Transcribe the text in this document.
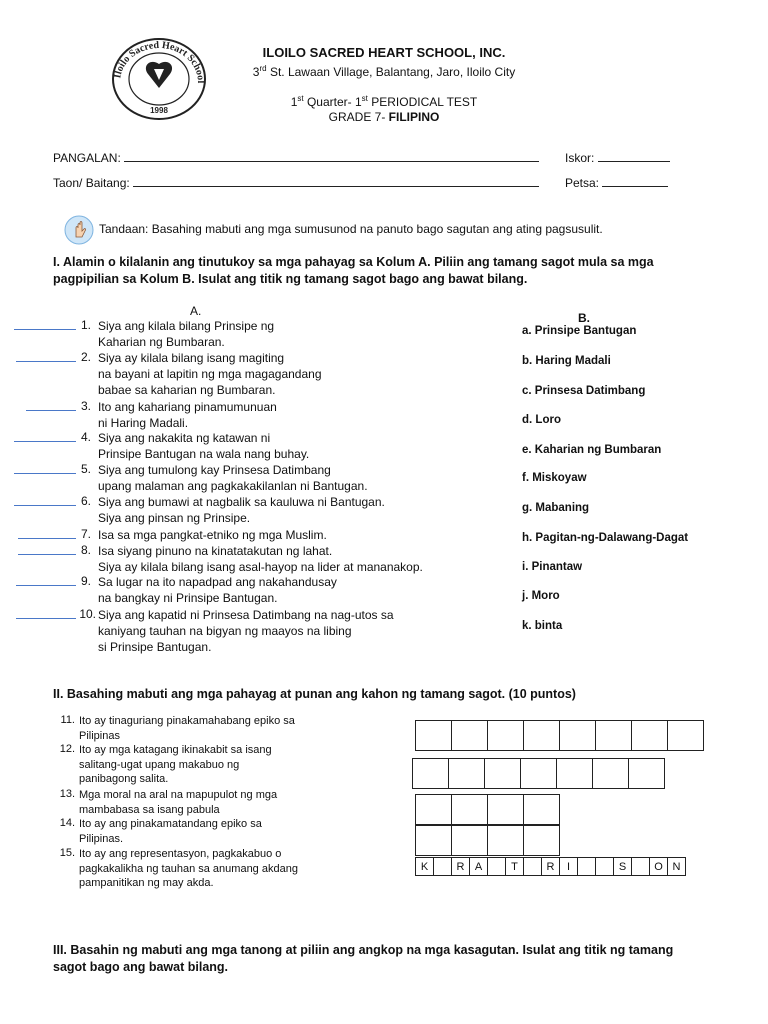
Iloilo Sacred Heart School
1998
ILOILO SACRED HEART SCHOOL, INC.
3rd St. Lawaan Village, Balantang, Jaro, Iloilo City
1st Quarter- 1st PERIODICAL TEST
GRADE 7- FILIPINO
PANGALAN:	Iskor:
Taon/ Baitang:	Petsa:
Tandaan: Basahing mabuti ang mga sumusunod na panuto bago sagutan ang ating pagsusulit.
I. Alamin o kilalanin ang tinutukoy sa mga pahayag sa Kolum A. Piliin ang tamang sagot mula sa mga
pagpipilian sa Kolum B. Isulat ang titik ng tamang sagot bago ang bawat bilang.
A.	B.
1. Siya ang kilala bilang Prinsipe ng
Kaharian ng Bumbaran.
2. Siya ay kilala bilang isang magiting
na bayani at lapitin ng mga magagandang
babae sa kaharian ng Bumbaran.
3. Ito ang kahariang pinamumunuan
ni Haring Madali.
4. Siya ang nakakita ng katawan ni
Prinsipe Bantugan na wala nang buhay.
5. Siya ang tumulong kay Prinsesa Datimbang
upang malaman ang pagkakakilanlan ni Bantugan.
6. Siya ang bumawi at nagbalik sa kauluwa ni Bantugan.
Siya ang pinsan ng Prinsipe.
7. Isa sa mga pangkat-etniko ng mga Muslim.
8. Isa siyang pinuno na kinatatakutan ng lahat.
Siya ay kilala bilang isang asal-hayop na lider at mananakop.
9. Sa lugar na ito napadpad ang nakahandusay
na bangkay ni Prinsipe Bantugan.
10. Siya ang kapatid ni Prinsesa Datimbang na nag-utos sa
kaniyang tauhan na bigyan ng maayos na libing
si Prinsipe Bantugan.
a. Prinsipe Bantugan
b. Haring Madali
c. Prinsesa Datimbang
d. Loro
e. Kaharian ng Bumbaran
f. Miskoyaw
g. Mabaning
h. Pagitan-ng-Dalawang-Dagat
i. Pinantaw
j. Moro
k. binta
II. Basahing mabuti ang mga pahayag at punan ang kahon ng tamang sagot. (10 puntos)
11. Ito ay tinaguriang pinakamahabang epiko sa
Pilipinas
12. Ito ay mga katagang ikinakabit sa isang
salitang-ugat upang makabuo ng
panibagong salita.
13. Mga moral na aral na mapupulot ng mga
mambabasa sa isang pabula
14. Ito ay ang pinakamatandang epiko sa
Pilipinas.
15. Ito ay ang representasyon, pagkakabuo o
pagkakalikha ng tauhan sa anumang akdang
pampanitikan ng may akda.
K	R A	T	R	I	S	O N
III. Basahin ng mabuti ang mga tanong at piliin ang angkop na mga kasagutan. Isulat ang titik ng tamang
sagot bago ang bawat bilang.
